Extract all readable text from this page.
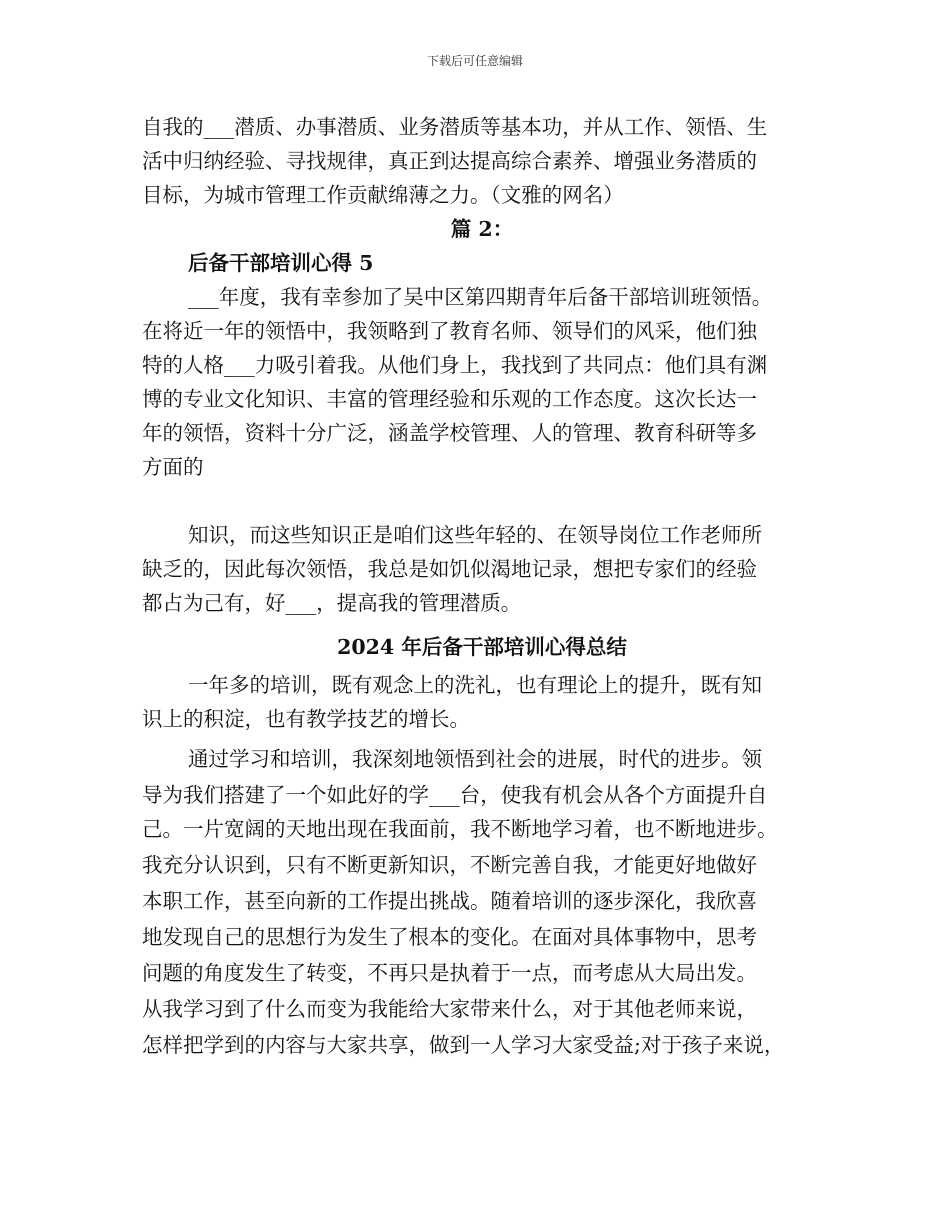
下载后可任意编辑
自我的___潜质、办事潜质、业务潜质等基本功，并从工作、领悟、生
活中归纳经验、寻找规律，真正到达提高综合素养、增强业务潜质的
目标，为城市管理工作贡献绵薄之力。（文雅的网名）
篇 2：
后备干部培训心得 5
___年度，我有幸参加了吴中区第四期青年后备干部培训班领悟。
在将近一年的领悟中，我领略到了教育名师、领导们的风采，他们独
特的人格___力吸引着我。从他们身上，我找到了共同点：他们具有渊
博的专业文化知识、丰富的管理经验和乐观的工作态度。这次长达一
年的领悟，资料十分广泛，涵盖学校管理、人的管理、教育科研等多
方面的
知识，而这些知识正是咱们这些年轻的、在领导岗位工作老师所
缺乏的，因此每次领悟，我总是如饥似渴地记录，想把专家们的经验
都占为己有，好___，提高我的管理潜质。
2024 年后备干部培训心得总结
一年多的培训，既有观念上的洗礼，也有理论上的提升，既有知
识上的积淀，也有教学技艺的增长。
通过学习和培训，我深刻地领悟到社会的进展，时代的进步。领
导为我们搭建了一个如此好的学___台，使我有机会从各个方面提升自
己。一片宽阔的天地出现在我面前，我不断地学习着，也不断地进步。
我充分认识到，只有不断更新知识，不断完善自我，才能更好地做好
本职工作，甚至向新的工作提出挑战。随着培训的逐步深化，我欣喜
地发现自己的思想行为发生了根本的变化。在面对具体事物中，思考
问题的角度发生了转变，不再只是执着于一点，而考虑从大局出发。
从我学习到了什么而变为我能给大家带来什么，对于其他老师来说，
怎样把学到的内容与大家共享，做到一人学习大家受益;对于孩子来说，
